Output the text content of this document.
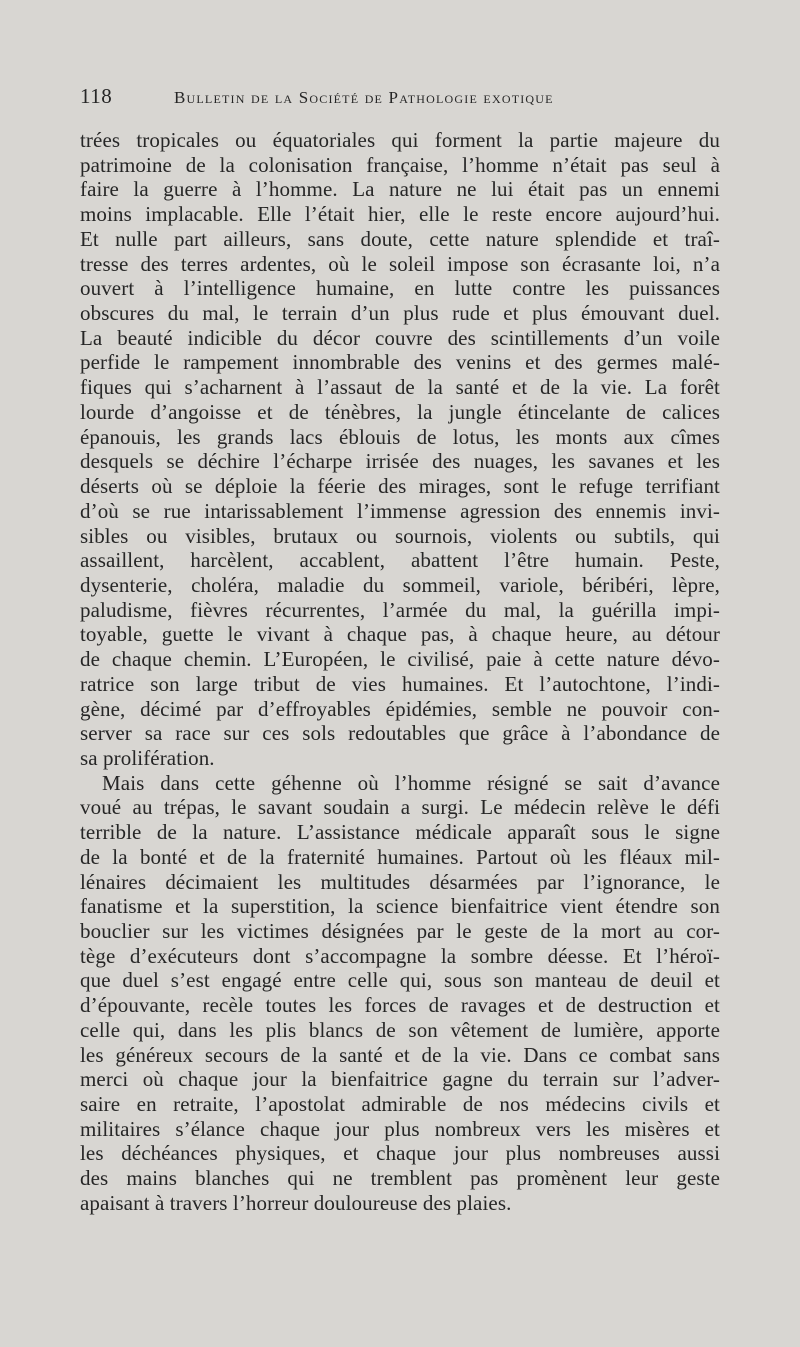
118	Bulletin de la Société de Pathologie exotique
trées tropicales ou équatoriales qui forment la partie majeure du
patrimoine de la colonisation française, l’homme n’était pas seul à
faire la guerre à l’homme. La nature ne lui était pas un ennemi
moins implacable. Elle l’était hier, elle le reste encore aujourd’hui.
Et nulle part ailleurs, sans doute, cette nature splendide et traî-
tresse des terres ardentes, où le soleil impose son écrasante loi, n’a
ouvert à l’intelligence humaine, en lutte contre les puissances
obscures du mal, le terrain d’un plus rude et plus émouvant duel.
La beauté indicible du décor couvre des scintillements d’un voile
perfide le rampement innombrable des venins et des germes malé-
fiques qui s’acharnent à l’assaut de la santé et de la vie. La forêt
lourde d’angoisse et de ténèbres, la jungle étincelante de calices
épanouis, les grands lacs éblouis de lotus, les monts aux cîmes
desquels se déchire l’écharpe irrisée des nuages, les savanes et les
déserts où se déploie la féerie des mirages, sont le refuge terrifiant
d’où se rue intarissablement l’immense agression des ennemis invi-
sibles ou visibles, brutaux ou sournois, violents ou subtils, qui
assaillent, harcèlent, accablent, abattent l’être humain. Peste,
dysenterie, choléra, maladie du sommeil, variole, béribéri, lèpre,
paludisme, fièvres récurrentes, l’armée du mal, la guérilla impi-
toyable, guette le vivant à chaque pas, à chaque heure, au détour
de chaque chemin. L’Européen, le civilisé, paie à cette nature dévo-
ratrice son large tribut de vies humaines. Et l’autochtone, l’indi-
gène, décimé par d’effroyables épidémies, semble ne pouvoir con-
server sa race sur ces sols redoutables que grâce à l’abondance de
sa prolifération.
Mais dans cette géhenne où l’homme résigné se sait d’avance
voué au trépas, le savant soudain a surgi. Le médecin relève le défi
terrible de la nature. L’assistance médicale apparaît sous le signe
de la bonté et de la fraternité humaines. Partout où les fléaux mil-
lénaires décimaient les multitudes désarmées par l’ignorance, le
fanatisme et la superstition, la science bienfaitrice vient étendre son
bouclier sur les victimes désignées par le geste de la mort au cor-
tège d’exécuteurs dont s’accompagne la sombre déesse. Et l’héroï-
que duel s’est engagé entre celle qui, sous son manteau de deuil et
d’épouvante, recèle toutes les forces de ravages et de destruction et
celle qui, dans les plis blancs de son vêtement de lumière, apporte
les généreux secours de la santé et de la vie. Dans ce combat sans
merci où chaque jour la bienfaitrice gagne du terrain sur l’adver-
saire en retraite, l’apostolat admirable de nos médecins civils et
militaires s’élance chaque jour plus nombreux vers les misères et
les déchéances physiques, et chaque jour plus nombreuses aussi
des mains blanches qui ne tremblent pas promènent leur geste
apaisant à travers l’horreur douloureuse des plaies.
